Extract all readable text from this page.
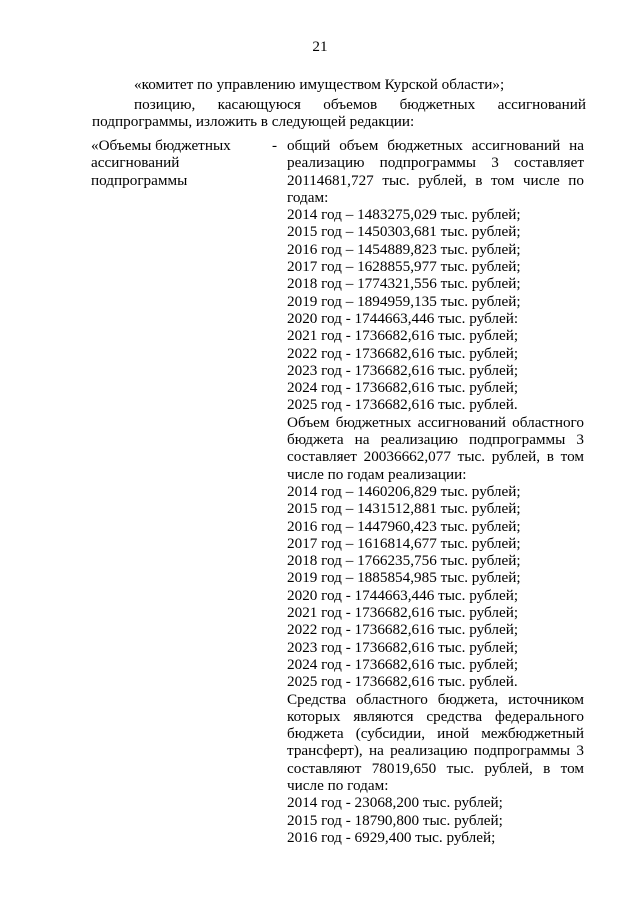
21
«комитет по управлению имуществом Курской области»;
позицию, касающуюся объемов бюджетных ассигнований
подпрограммы, изложить в следующей редакции:
«Объемы бюджетных
ассигнований
подпрограммы
- общий объем бюджетных ассигнований на
реализацию подпрограммы 3 составляет
20114681,727 тыс. рублей, в том числе по
годам:
2014 год – 1483275,029 тыс. рублей;
2015 год – 1450303,681 тыс. рублей;
2016 год – 1454889,823 тыс. рублей;
2017 год – 1628855,977 тыс. рублей;
2018 год – 1774321,556 тыс. рублей;
2019 год – 1894959,135 тыс. рублей;
2020 год - 1744663,446 тыс. рублей:
2021 год - 1736682,616 тыс. рублей;
2022 год - 1736682,616 тыс. рублей;
2023 год - 1736682,616 тыс. рублей;
2024 год - 1736682,616 тыс. рублей;
2025 год - 1736682,616 тыс. рублей.
Объем бюджетных ассигнований областного
бюджета на реализацию подпрограммы 3
составляет 20036662,077 тыс. рублей, в том
числе по годам реализации:
2014 год – 1460206,829 тыс. рублей;
2015 год – 1431512,881 тыс. рублей;
2016 год – 1447960,423 тыс. рублей;
2017 год – 1616814,677 тыс. рублей;
2018 год – 1766235,756 тыс. рублей;
2019 год – 1885854,985 тыс. рублей;
2020 год - 1744663,446 тыс. рублей;
2021 год - 1736682,616 тыс. рублей;
2022 год - 1736682,616 тыс. рублей;
2023 год - 1736682,616 тыс. рублей;
2024 год - 1736682,616 тыс. рублей;
2025 год - 1736682,616 тыс. рублей.
Средства областного бюджета, источником
которых являются средства федерального
бюджета (субсидии, иной межбюджетный
трансферт), на реализацию подпрограммы 3
составляют 78019,650 тыс. рублей, в том
числе по годам:
2014 год - 23068,200 тыс. рублей;
2015 год - 18790,800 тыс. рублей;
2016 год - 6929,400 тыс. рублей;
